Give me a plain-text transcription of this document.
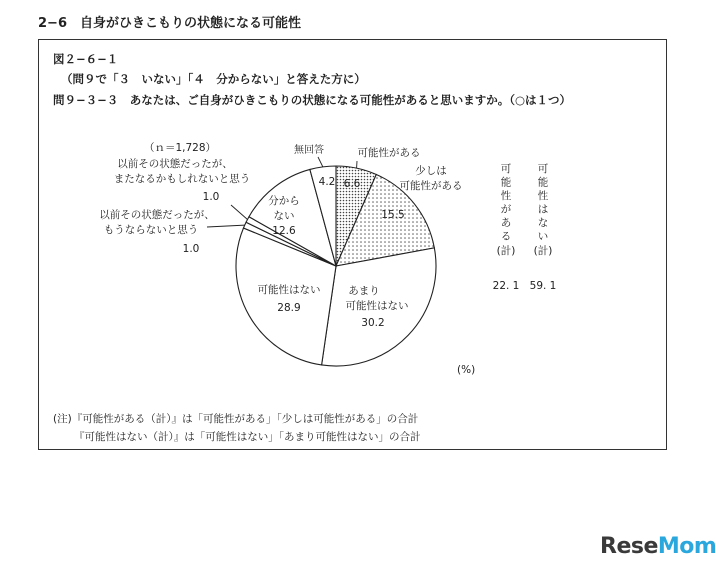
2−6　自身がひきこもりの状態になる可能性
図２−６−１
（問９で「３　いない」「４　分からない」と答えた方に）
問９−３−３　あなたは、ご自身がひきこもりの状態になる可能性があると思いますか。（○は１つ）
（ｎ＝1,728）	可能性がある
6.6
少しは
可能性がある
15.5
あまり
可能性はない
30.2
可能性はない
28.9
分から
ない
12.6
無回答
4.2
以前その状態だったが、
またなるかもしれないと思う
1.0
以前その状態だったが、
もうならないと思う
1.0
可
能
性
が
あ
る
(計)
22. 1
可
能
性
は
な
い
(計)
59. 1
(%)
(注)『可能性がある（計）』は「可能性がある」「少しは可能性がある」の合計
『可能性はない（計）』は「可能性はない」「あまり可能性はない」の合計
ReseMom
